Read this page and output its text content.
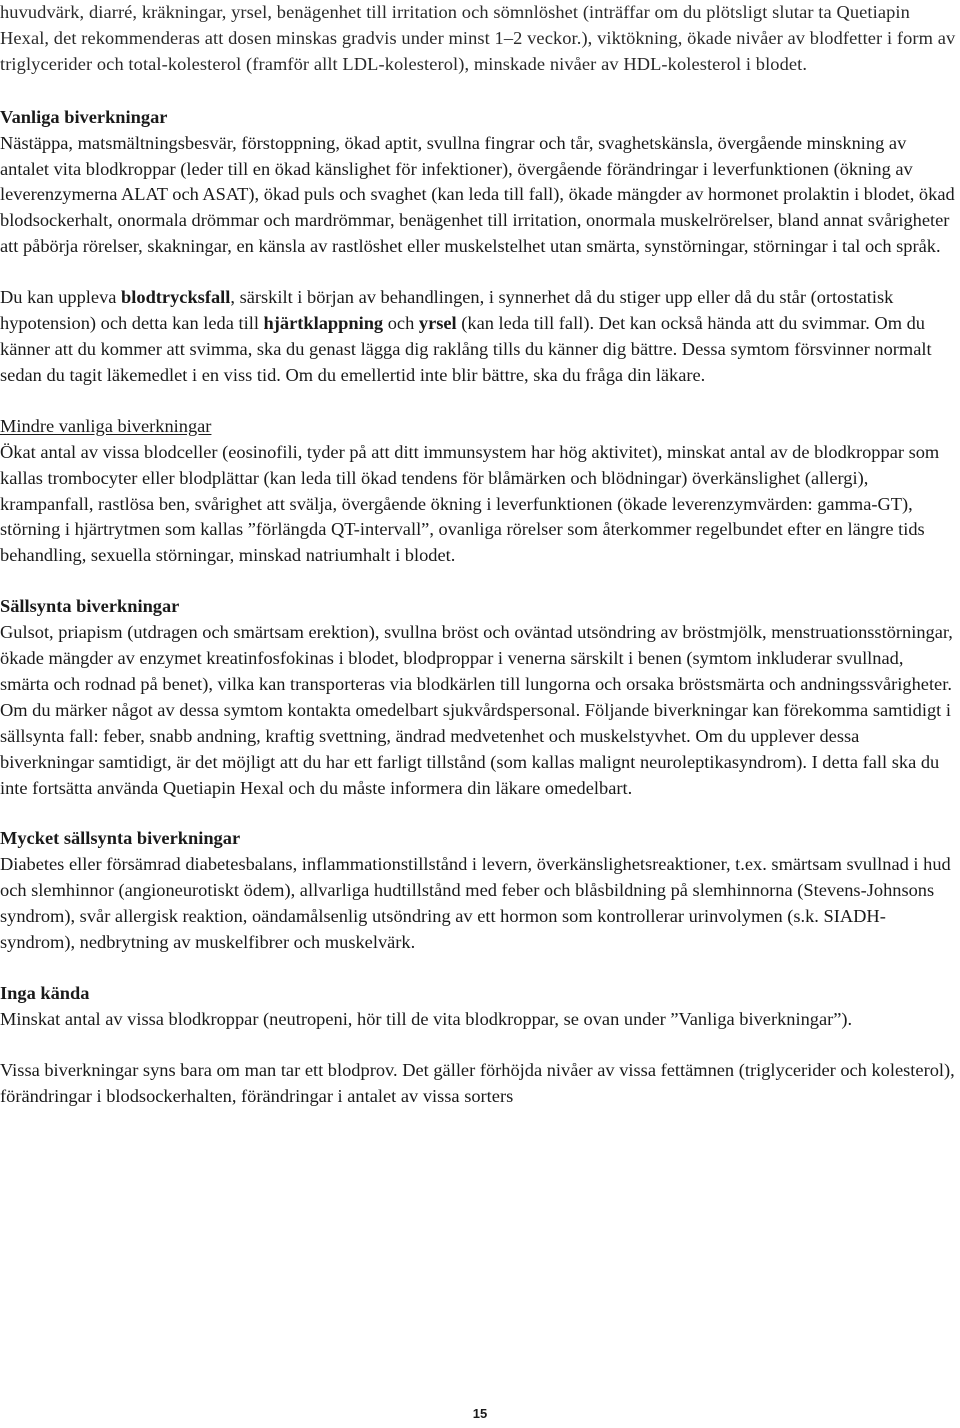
huvudvärk, diarré, kräkningar, yrsel, benägenhet till irritation och sömnlöshet (inträffar om du plötsligt slutar ta Quetiapin Hexal, det rekommenderas att dosen minskas gradvis under minst 1–2 veckor.), viktökning, ökade nivåer av blodfetter i form av triglycerider och total-kolesterol (framför allt LDL-kolesterol), minskade nivåer av HDL-kolesterol i blodet.

Vanliga biverkningar
Nästäppa, matsmältningsbesvär, förstoppning, ökad aptit, svullna fingrar och tår, svaghetskänsla, övergående minskning av antalet vita blodkroppar (leder till en ökad känslighet för infektioner), övergående förändringar i leverfunktionen (ökning av leverenzymerna ALAT och ASAT), ökad puls och svaghet (kan leda till fall), ökade mängder av hormonet prolaktin i blodet, ökad blodsockerhalt, onormala drömmar och mardrömmar, benägenhet till irritation, onormala muskelrörelser, bland annat svårigheter att påbörja rörelser, skakningar, en känsla av rastlöshet eller muskelstelhet utan smärta, synstörningar, störningar i tal och språk.

Du kan uppleva blodtrycksfall, särskilt i början av behandlingen, i synnerhet då du stiger upp eller då du står (ortostatisk hypotension) och detta kan leda till hjärtklappning och yrsel (kan leda till fall). Det kan också hända att du svimmar. Om du känner att du kommer att svimma, ska du genast lägga dig raklång tills du känner dig bättre. Dessa symtom försvinner normalt sedan du tagit läkemedlet i en viss tid. Om du emellertid inte blir bättre, ska du fråga din läkare.

Mindre vanliga biverkningar
Ökat antal av vissa blodceller (eosinofili, tyder på att ditt immunsystem har hög aktivitet), minskat antal av de blodkroppar som kallas trombocyter eller blodplättar (kan leda till ökad tendens för blåmärken och blödningar) överkänslighet (allergi), krampanfall, rastlösa ben, svårighet att svälja, övergående ökning i leverfunktionen (ökade leverenzymvärden: gamma-GT), störning i hjärtrytmen som kallas ”förlängda QT-intervall”, ovanliga rörelser som återkommer regelbundet efter en längre tids behandling, sexuella störningar, minskad natriumhalt i blodet.

Sällsynta biverkningar
Gulsot, priapism (utdragen och smärtsam erektion), svullna bröst och oväntad utsöndring av bröstmjölk, menstruationsstörningar, ökade mängder av enzymet kreatinfosfokinas i blodet, blodproppar i venerna särskilt i benen (symtom inkluderar svullnad, smärta och rodnad på benet), vilka kan transporteras via blodkärlen till lungorna och orsaka bröstsmärta och andningssvårigheter. Om du märker något av dessa symtom kontakta omedelbart sjukvårdspersonal. Följande biverkningar kan förekomma samtidigt i sällsynta fall: feber, snabb andning, kraftig svettning, ändrad medvetenhet och muskelstyvhet. Om du upplever dessa biverkningar samtidigt, är det möjligt att du har ett farligt tillstånd (som kallas malignt neuroleptikasyndrom). I detta fall ska du inte fortsätta använda Quetiapin Hexal och du måste informera din läkare omedelbart.

Mycket sällsynta biverkningar
Diabetes eller försämrad diabetesbalans, inflammationstillstånd i levern, överkänslighetsreaktioner, t.ex. smärtsam svullnad i hud och slemhinnor (angioneurotiskt ödem), allvarliga hudtillstånd med feber och blåsbildning på slemhinnorna (Stevens-Johnsons syndrom), svår allergisk reaktion, oändamålsenlig utsöndring av ett hormon som kontrollerar urinvolymen (s.k. SIADH-syndrom), nedbrytning av muskelfibrer och muskelvärk.

Inga kända
Minskat antal av vissa blodkroppar (neutropeni, hör till de vita blodkroppar, se ovan under ”Vanliga biverkningar”).

Vissa biverkningar syns bara om man tar ett blodprov. Det gäller förhöjda nivåer av vissa fettämnen (triglycerider och kolesterol), förändringar i blodsockerhalten, förändringar i antalet av vissa sorters

15
